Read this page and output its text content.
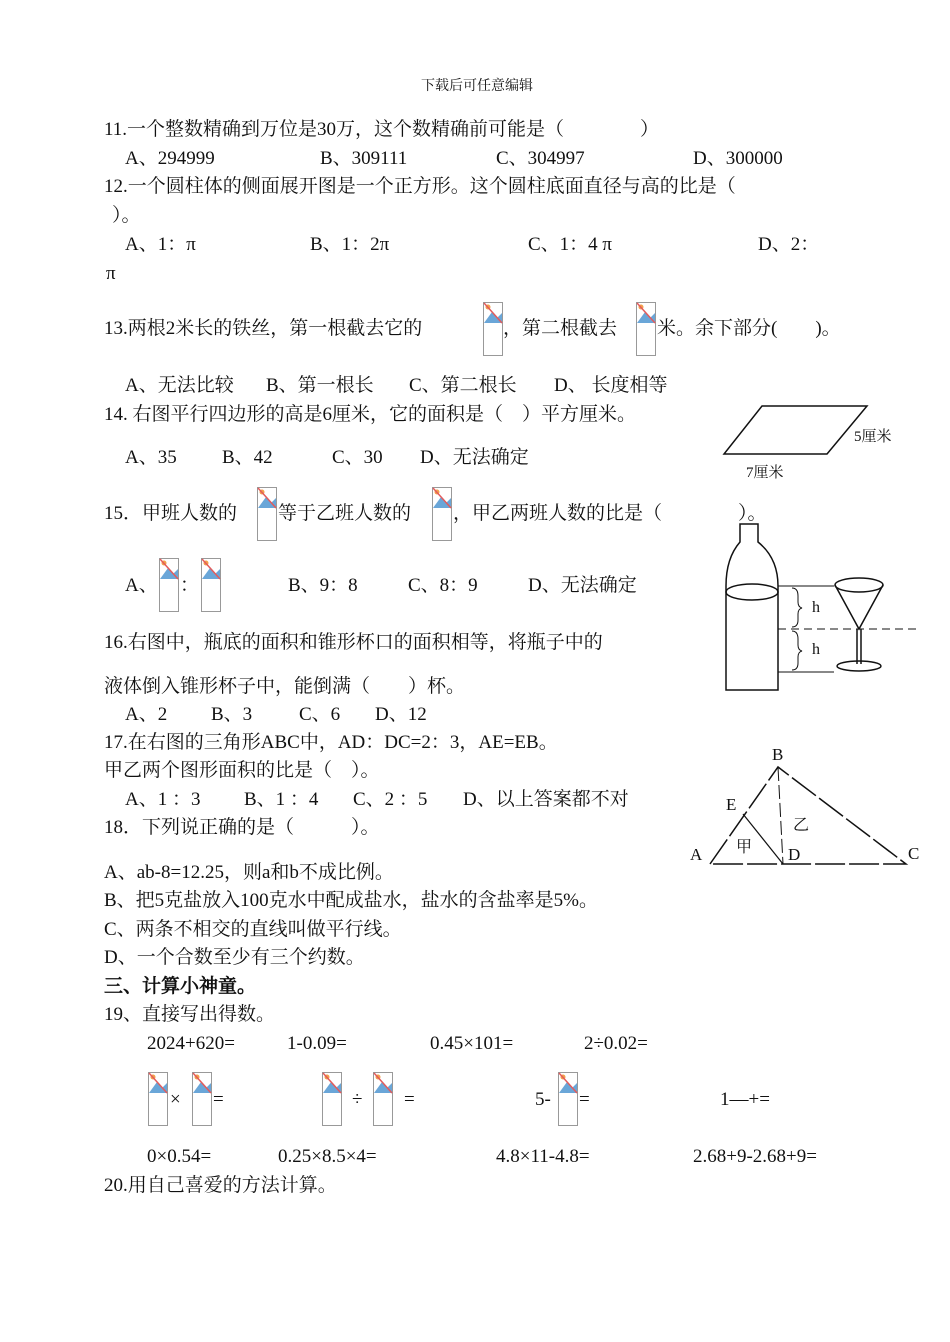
下载后可任意编辑
11.一个整数精确到万位是30万，这个数精确前可能是（　　　　）
A、294999	B、309111	C、304997	D、300000
12.一个圆柱体的侧面展开图是一个正方形。这个圆柱底面直径与高的比是（
）。
A、1：π	B、1：2π	C、1：4 π	D、2：
π
13.两根2米长的铁丝，第一根截去它的	，第二根截去 米。余下部分(　　)。
A、无法比较 B、第一根长 C、第二根长 D、 长度相等
14. 右图平行四边形的高是6厘米，它的面积是（　）平方厘米。
A、35 B、42	C、30 D、无法确定
5厘米
7厘米
15．甲班人数的 等于乙班人数的 ，甲乙两班人数的比是（　　　　）。
A、 ：	B、9：8	C、8：9	D、无法确定
16.右图中，瓶底的面积和锥形杯口的面积相等，将瓶子中的
液体倒入锥形杯子中，能倒满（　　）杯。
A、2 B、3 C、6 D、12
h
h
17.在右图的三角形ABC中，AD：DC=2：3，AE=EB。
甲乙两个图形面积的比是（　）。
A、1 ：3 B、1 ：4 C、2 ：5 D、以上答案都不对
B
E
A	D	C
甲
乙
18．下列说正确的是（　　　）。
A、ab-8=12.25，则a和b不成比例。
B、把5克盐放入100克水中配成盐水，盐水的含盐率是5%。
C、两条不相交的直线叫做平行线。
D、一个合数至少有三个约数。
三、计算小神童。
19、直接写出得数。
2024+620=	1-0.09=	0.45×101=	2÷0.02=
× =	÷ =	5- =	1—+=
0×0.54=	0.25×8.5×4=	4.8×11-4.8=	2.68+9-2.68+9=
20.用自己喜爱的方法计算。
